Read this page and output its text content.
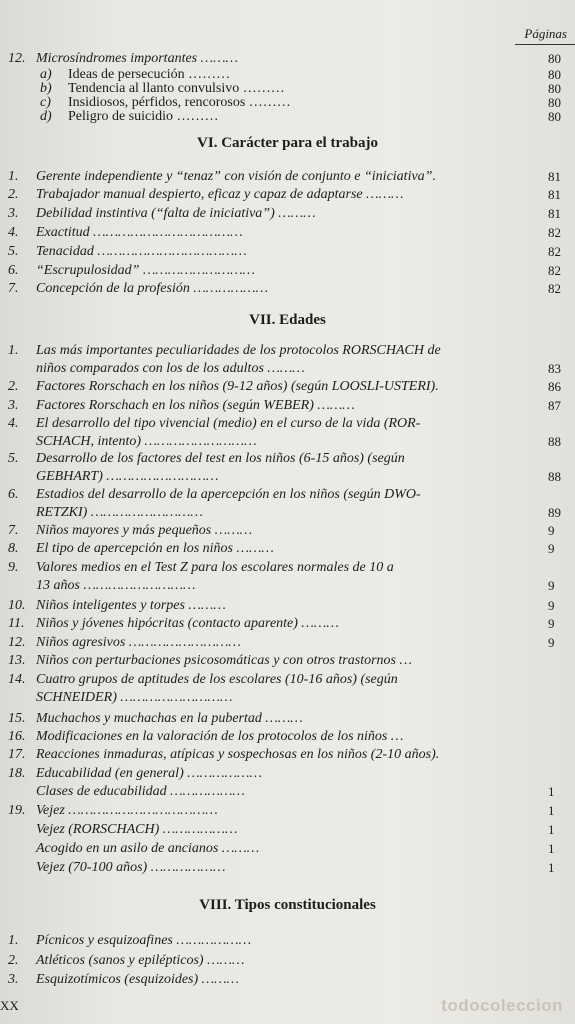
Páginas
12. Microsíndromes importantes ………	80
a) Ideas de persecución ………	80
b) Tendencia al llanto convulsivo ………	80
c) Insidiosos, pérfidos, rencorosos ………	80
d) Peligro de suicidio ………	80
VI. Carácter para el trabajo
1. Gerente independiente y “tenaz” con visión de conjunto e “iniciativa”.	81
2. Trabajador manual despierto, eficaz y capaz de adaptarse ………	81
3. Debilidad instintiva (“falta de iniciativa”) ………	81
4. Exactitud ………………………………	82
5. Tenacidad ………………………………	82
6. “Escrupulosidad” ………………………	82
7. Concepción de la profesión ………………	82
VII. Edades
1. Las más importantes peculiaridades de los protocolos RORSCHACH de
niños comparados con los de los adultos ………	83
2. Factores Rorschach en los niños (9-12 años) (según LOOSLI-USTERI).	86
3. Factores Rorschach en los niños (según WEBER) ………	87
4. El desarrollo del tipo vivencial (medio) en el curso de la vida (ROR-
SCHACH, intento) ………………………	88
5. Desarrollo de los factores del test en los niños (6-15 años) (según
GEBHART) ………………………	88
6. Estadios del desarrollo de la apercepción en los niños (según DWO-
RETZKI) ………………………	89
7. Niños mayores y más pequeños ………	9
8. El tipo de apercepción en los niños ………	9
9. Valores medios en el Test Z para los escolares normales de 10 a
13 años ………………………	9
10. Niños inteligentes y torpes ………	9
11. Niños y jóvenes hipócritas (contacto aparente) ………	9
12. Niños agresivos ………………………	9
13. Niños con perturbaciones psicosomáticas y con otros trastornos …
14. Cuatro grupos de aptitudes de los escolares (10-16 años) (según
SCHNEIDER) ………………………
15. Muchachos y muchachas en la pubertad ………
16. Modificaciones en la valoración de los protocolos de los niños …
17. Reacciones inmaduras, atípicas y sospechosas en los niños (2-10 años).
18. Educabilidad (en general) ………………
Clases de educabilidad ………………	1
19. Vejez ………………………………	1
Vejez (RORSCHACH) ………………	1
Acogido en un asilo de ancianos ………	1
Vejez (70-100 años) ………………	1
VIII. Tipos constitucionales
1. Pícnicos y esquizoafines ………………
2. Atléticos (sanos y epilépticos) ………
3. Esquizotímicos (esquizoides) ………
XX	todocoleccion
